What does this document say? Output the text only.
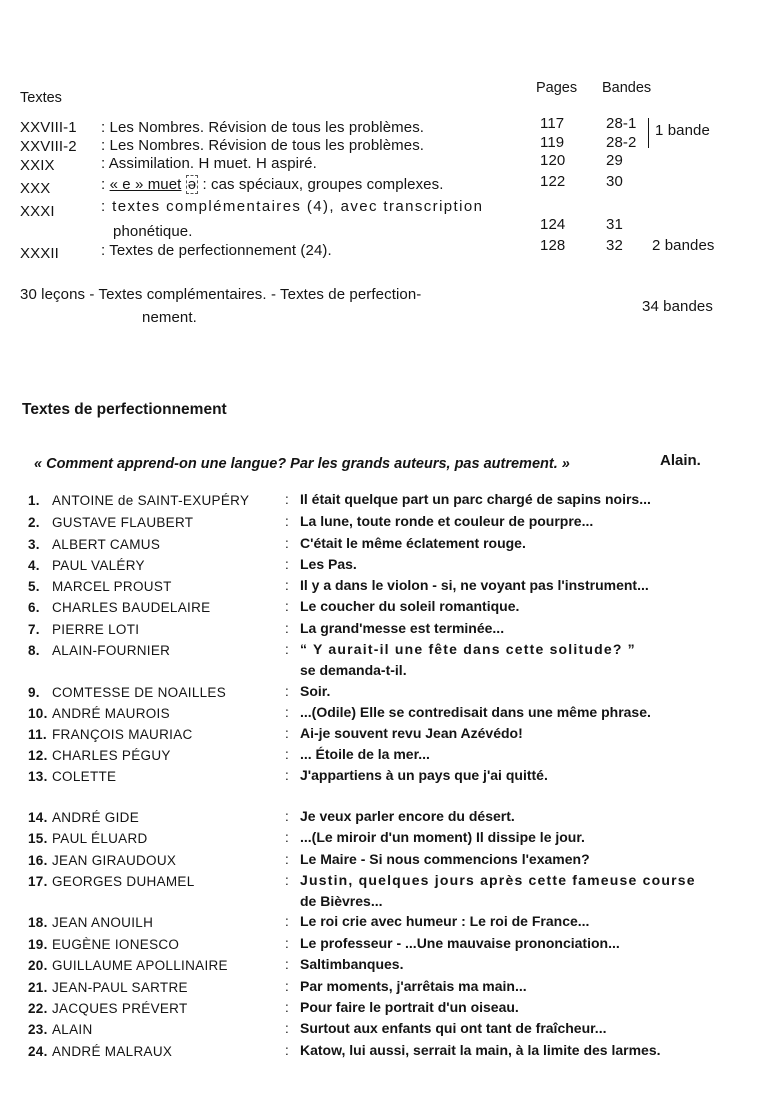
Textes
Pages Bandes
XXVIII-1 : Les Nombres. Révision de tous les problèmes.	117	28-1
XXVIII-2 : Les Nombres. Révision de tous les problèmes.	119	28-2
1 bande
XXIX	: Assimilation. H muet. H aspiré.	120	29
XXX	: « e » muet ə : cas spéciaux, groupes complexes.	122	30
XXXI	: textes complémentaires (4), avec transcription
phonétique.	124	31
XXXII	: Textes de perfectionnement (24).	128	32 2 bandes
30 leçons - Textes complémentaires. - Textes de perfection-
nement.
34 bandes
Textes de perfectionnement
« Comment apprend-on une langue? Par les grands auteurs, pas autrement. »	Alain.
1. ANTOINE de SAINT-EXUPÉRY	: Il était quelque part un parc chargé de sapins noirs...
2. GUSTAVE FLAUBERT	: La lune, toute ronde et couleur de pourpre...
3. ALBERT CAMUS	: C'était le même éclatement rouge.
4. PAUL VALÉRY	: Les Pas.
5. MARCEL PROUST	: Il y a dans le violon - si, ne voyant pas l'instrument...
6. CHARLES BAUDELAIRE	: Le coucher du soleil romantique.
7. PIERRE LOTI	: La grand'messe est terminée...
8. ALAIN-FOURNIER	: “ Y aurait-il une fête dans cette solitude? ”
se demanda-t-il.
9. COMTESSE DE NOAILLES	: Soir.
10. ANDRÉ MAUROIS	: ...(Odile) Elle se contredisait dans une même phrase.
11. FRANÇOIS MAURIAC	: Ai-je souvent revu Jean Azévédo!
12. CHARLES PÉGUY	: ... Étoile de la mer...
13. COLETTE	: J'appartiens à un pays que j'ai quitté.
14. ANDRÉ GIDE	: Je veux parler encore du désert.
15. PAUL ÉLUARD	: ...(Le miroir d'un moment) Il dissipe le jour.
16. JEAN GIRAUDOUX	: Le Maire - Si nous commencions l'examen?
17. GEORGES DUHAMEL	: Justin, quelques jours après cette fameuse course
de Bièvres...
18. JEAN ANOUILH	: Le roi crie avec humeur : Le roi de France...
19. EUGÈNE IONESCO	: Le professeur - ...Une mauvaise prononciation...
20. GUILLAUME APOLLINAIRE	: Saltimbanques.
21. JEAN-PAUL SARTRE	: Par moments, j'arrêtais ma main...
22. JACQUES PRÉVERT	: Pour faire le portrait d'un oiseau.
23. ALAIN	: Surtout aux enfants qui ont tant de fraîcheur...
24. ANDRÉ MALRAUX	: Katow, lui aussi, serrait la main, à la limite des larmes.
